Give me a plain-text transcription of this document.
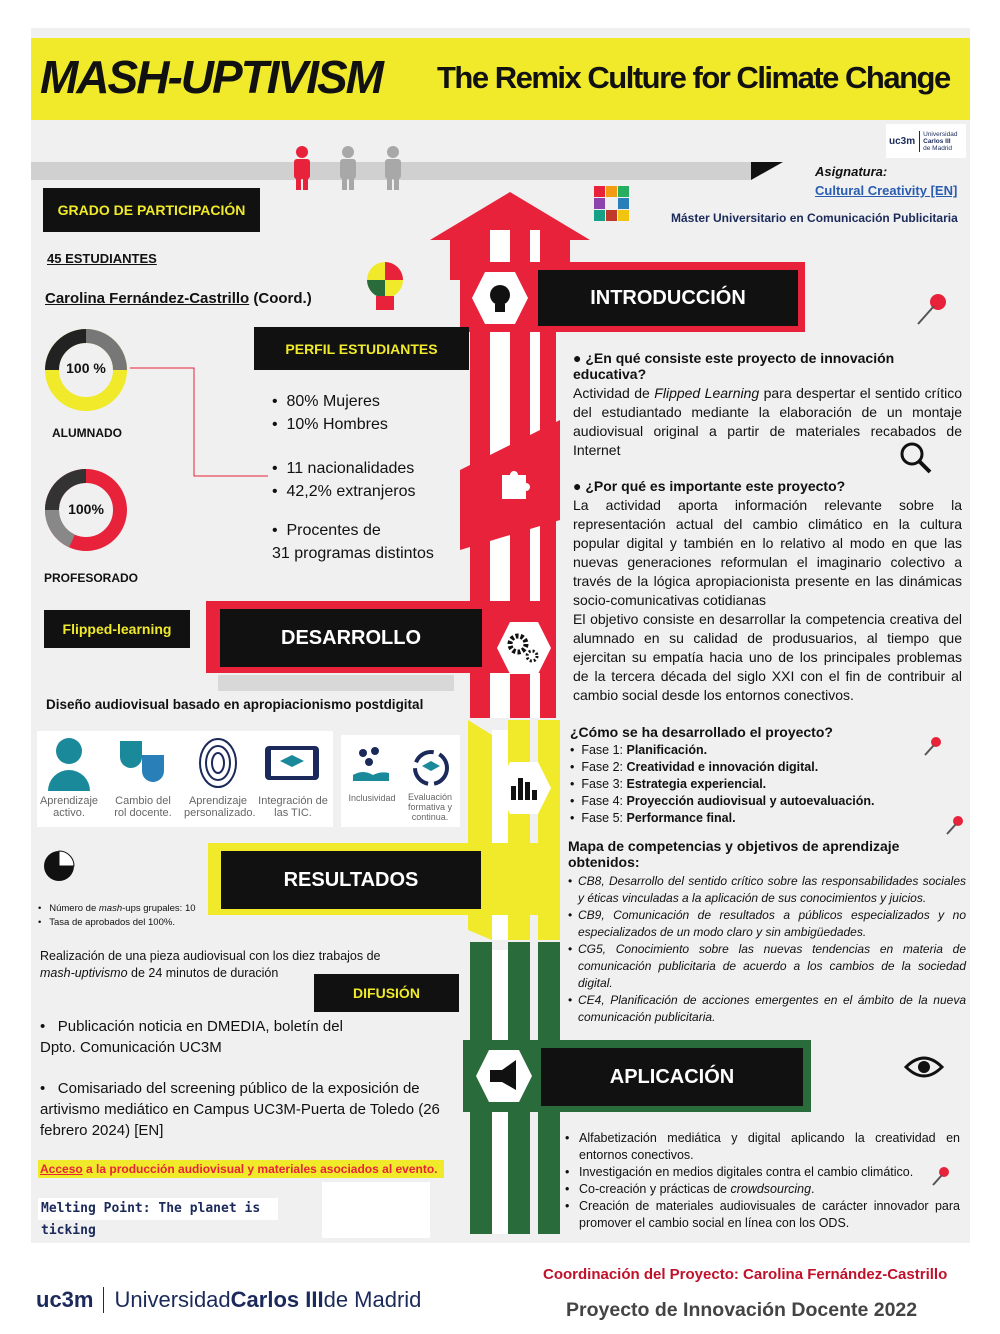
MASH-UPTIVISM The Remix Culture for Climate Change
uc3m
Universidad
Carlos III
de Madrid
Asignatura:
Cultural Creativity [EN]
Máster Universitario en Comunicación Publicitaria
INTRODUCCIÓN
● ¿En qué consiste este proyecto de innovación educativa?
Actividad de Flipped Learning para despertar el sentido crítico del estudiantado mediante la elaboración de un montaje audiovisual original a partir de materiales recabados de Internet
● ¿Por qué es importante este proyecto?
La actividad aporta información relevante sobre la representación actual del cambio climático en la cultura popular digital y también en lo relativo al modo en que las nuevas generaciones reformulan el imaginario colectivo a través de la lógica apropiacionista presente en las dinámicas socio-comunicativas cotidianas
El objetivo consiste en desarrollar la competencia creativa del alumnado en su calidad de produsuarios, al tiempo que ejercitan su empatía hacia uno de los principales problemas de la tercera década del siglo XXI con el fin de contribuir al cambio social desde los entornos conectivos.
GRADO DE PARTICIPACIÓN
45 ESTUDIANTES
Carolina Fernández-Castrillo (Coord.)
100 %
ALUMNADO
100%
PROFESORADO
PERFIL ESTUDIANTES
•  80% Mujeres
•  10% Hombres
•  11 nacionalidades
•  42,2% extranjeros
•  Procentes de
31 programas distintos
Flipped-learning	DESARROLLO
Diseño audiovisual basado en apropiacionismo postdigital
Aprendizaje activo.
Cambio del rol docente.
Aprendizaje personalizado.
Integración de las TIC.
Inclusividad	Evaluación formativa y continua.
¿Cómo se ha desarrollado el proyecto?
•  Fase 1: Planificación.
•  Fase 2: Creatividad e innovación digital.
•  Fase 3: Estrategia experiencial.
•  Fase 4: Proyección audiovisual y autoevaluación.
•  Fase 5: Performance final.
Mapa de competencias y objetivos de aprendizaje obtenidos:
• CB8, Desarrollo del sentido crítico sobre las responsabilidades sociales y éticas vinculadas a la aplicación de sus conocimientos y juicios.
• CB9, Comunicación de resultados a públicos especializados y no especializados de un modo claro y sin ambigüedades.
• CG5, Conocimiento sobre las nuevas tendencias en materia de comunicación publicitaria de acuerdo a los cambios de la sociedad digital.
• CE4, Planificación de acciones emergentes en el ámbito de la nueva comunicación publicitaria.
RESULTADOS
•   Número de mash-ups grupales: 10
•   Tasa de aprobados del 100%.
Realización de una pieza audiovisual con los diez trabajos de
mash-uptivismo de 24 minutos de duración
DIFUSIÓN
•   Publicación noticia en DMEDIA, boletín del
Dpto. Comunicación UC3M
•   Comisariado del screening público de la exposición de artivismo mediático en Campus UC3M-Puerta de Toledo (26 febrero 2024) [EN]
Acceso a la producción audiovisual y materiales asociados al evento.
Melting Point: The planet is ticking
APLICACIÓN
• Alfabetización mediática y digital aplicando la creatividad en entornos conectivos.
• Investigación en medios digitales contra el cambio climático.
• Co-creación y prácticas de crowdsourcing.
• Creación de materiales audiovisuales de carácter innovador para promover el cambio social en línea con los ODS.
uc3m Universidad Carlos III de Madrid
Coordinación del Proyecto: Carolina Fernández-Castrillo
Proyecto de Innovación Docente 2022
